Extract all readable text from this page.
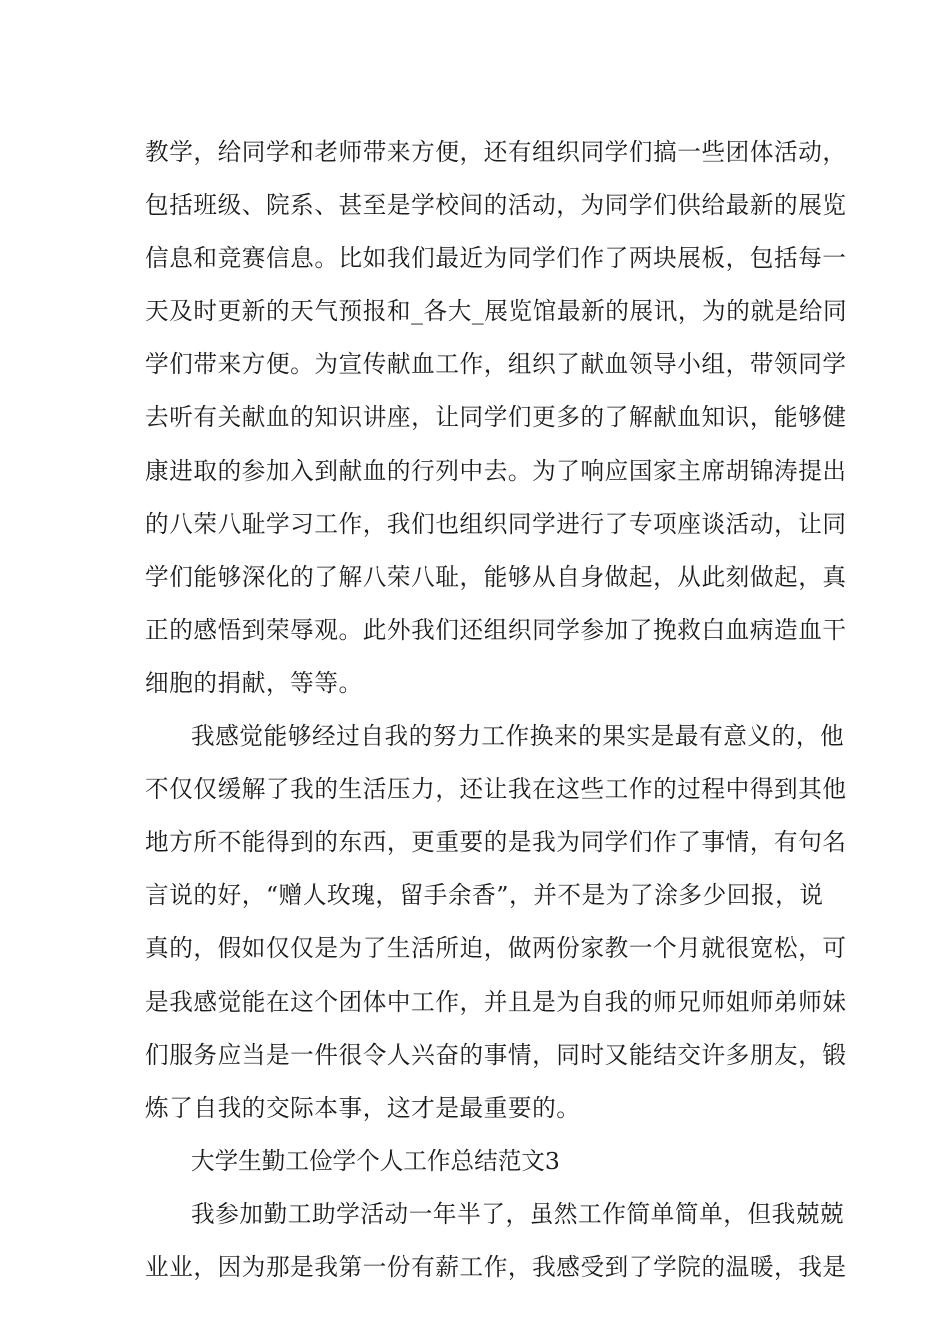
教学，给同学和老师带来方便，还有组织同学们搞一些团体活动，
包括班级、院系、甚至是学校间的活动，为同学们供给最新的展览
信息和竞赛信息。比如我们最近为同学们作了两块展板，包括每一
天及时更新的天气预报和_各大_展览馆最新的展讯，为的就是给同
学们带来方便。为宣传献血工作，组织了献血领导小组，带领同学
去听有关献血的知识讲座，让同学们更多的了解献血知识，能够健
康进取的参加入到献血的行列中去。为了响应国家主席胡锦涛提出
的八荣八耻学习工作，我们也组织同学进行了专项座谈活动，让同
学们能够深化的了解八荣八耻，能够从自身做起，从此刻做起，真
正的感悟到荣辱观。此外我们还组织同学参加了挽救白血病造血干
细胞的捐献，等等。
我感觉能够经过自我的努力工作换来的果实是最有意义的，他
不仅仅缓解了我的生活压力，还让我在这些工作的过程中得到其他
地方所不能得到的东西，更重要的是我为同学们作了事情，有句名
言说的好，“赠人玫瑰，留手余香”，并不是为了涂多少回报，说
真的，假如仅仅是为了生活所迫，做两份家教一个月就很宽松，可
是我感觉能在这个团体中工作，并且是为自我的师兄师姐师弟师妹
们服务应当是一件很令人兴奋的事情，同时又能结交许多朋友，锻
炼了自我的交际本事，这才是最重要的。
大学生勤工俭学个人工作总结范文3
我参加勤工助学活动一年半了，虽然工作简单简单，但我兢兢
业业，因为那是我第一份有薪工作，我感受到了学院的温暖，我是
